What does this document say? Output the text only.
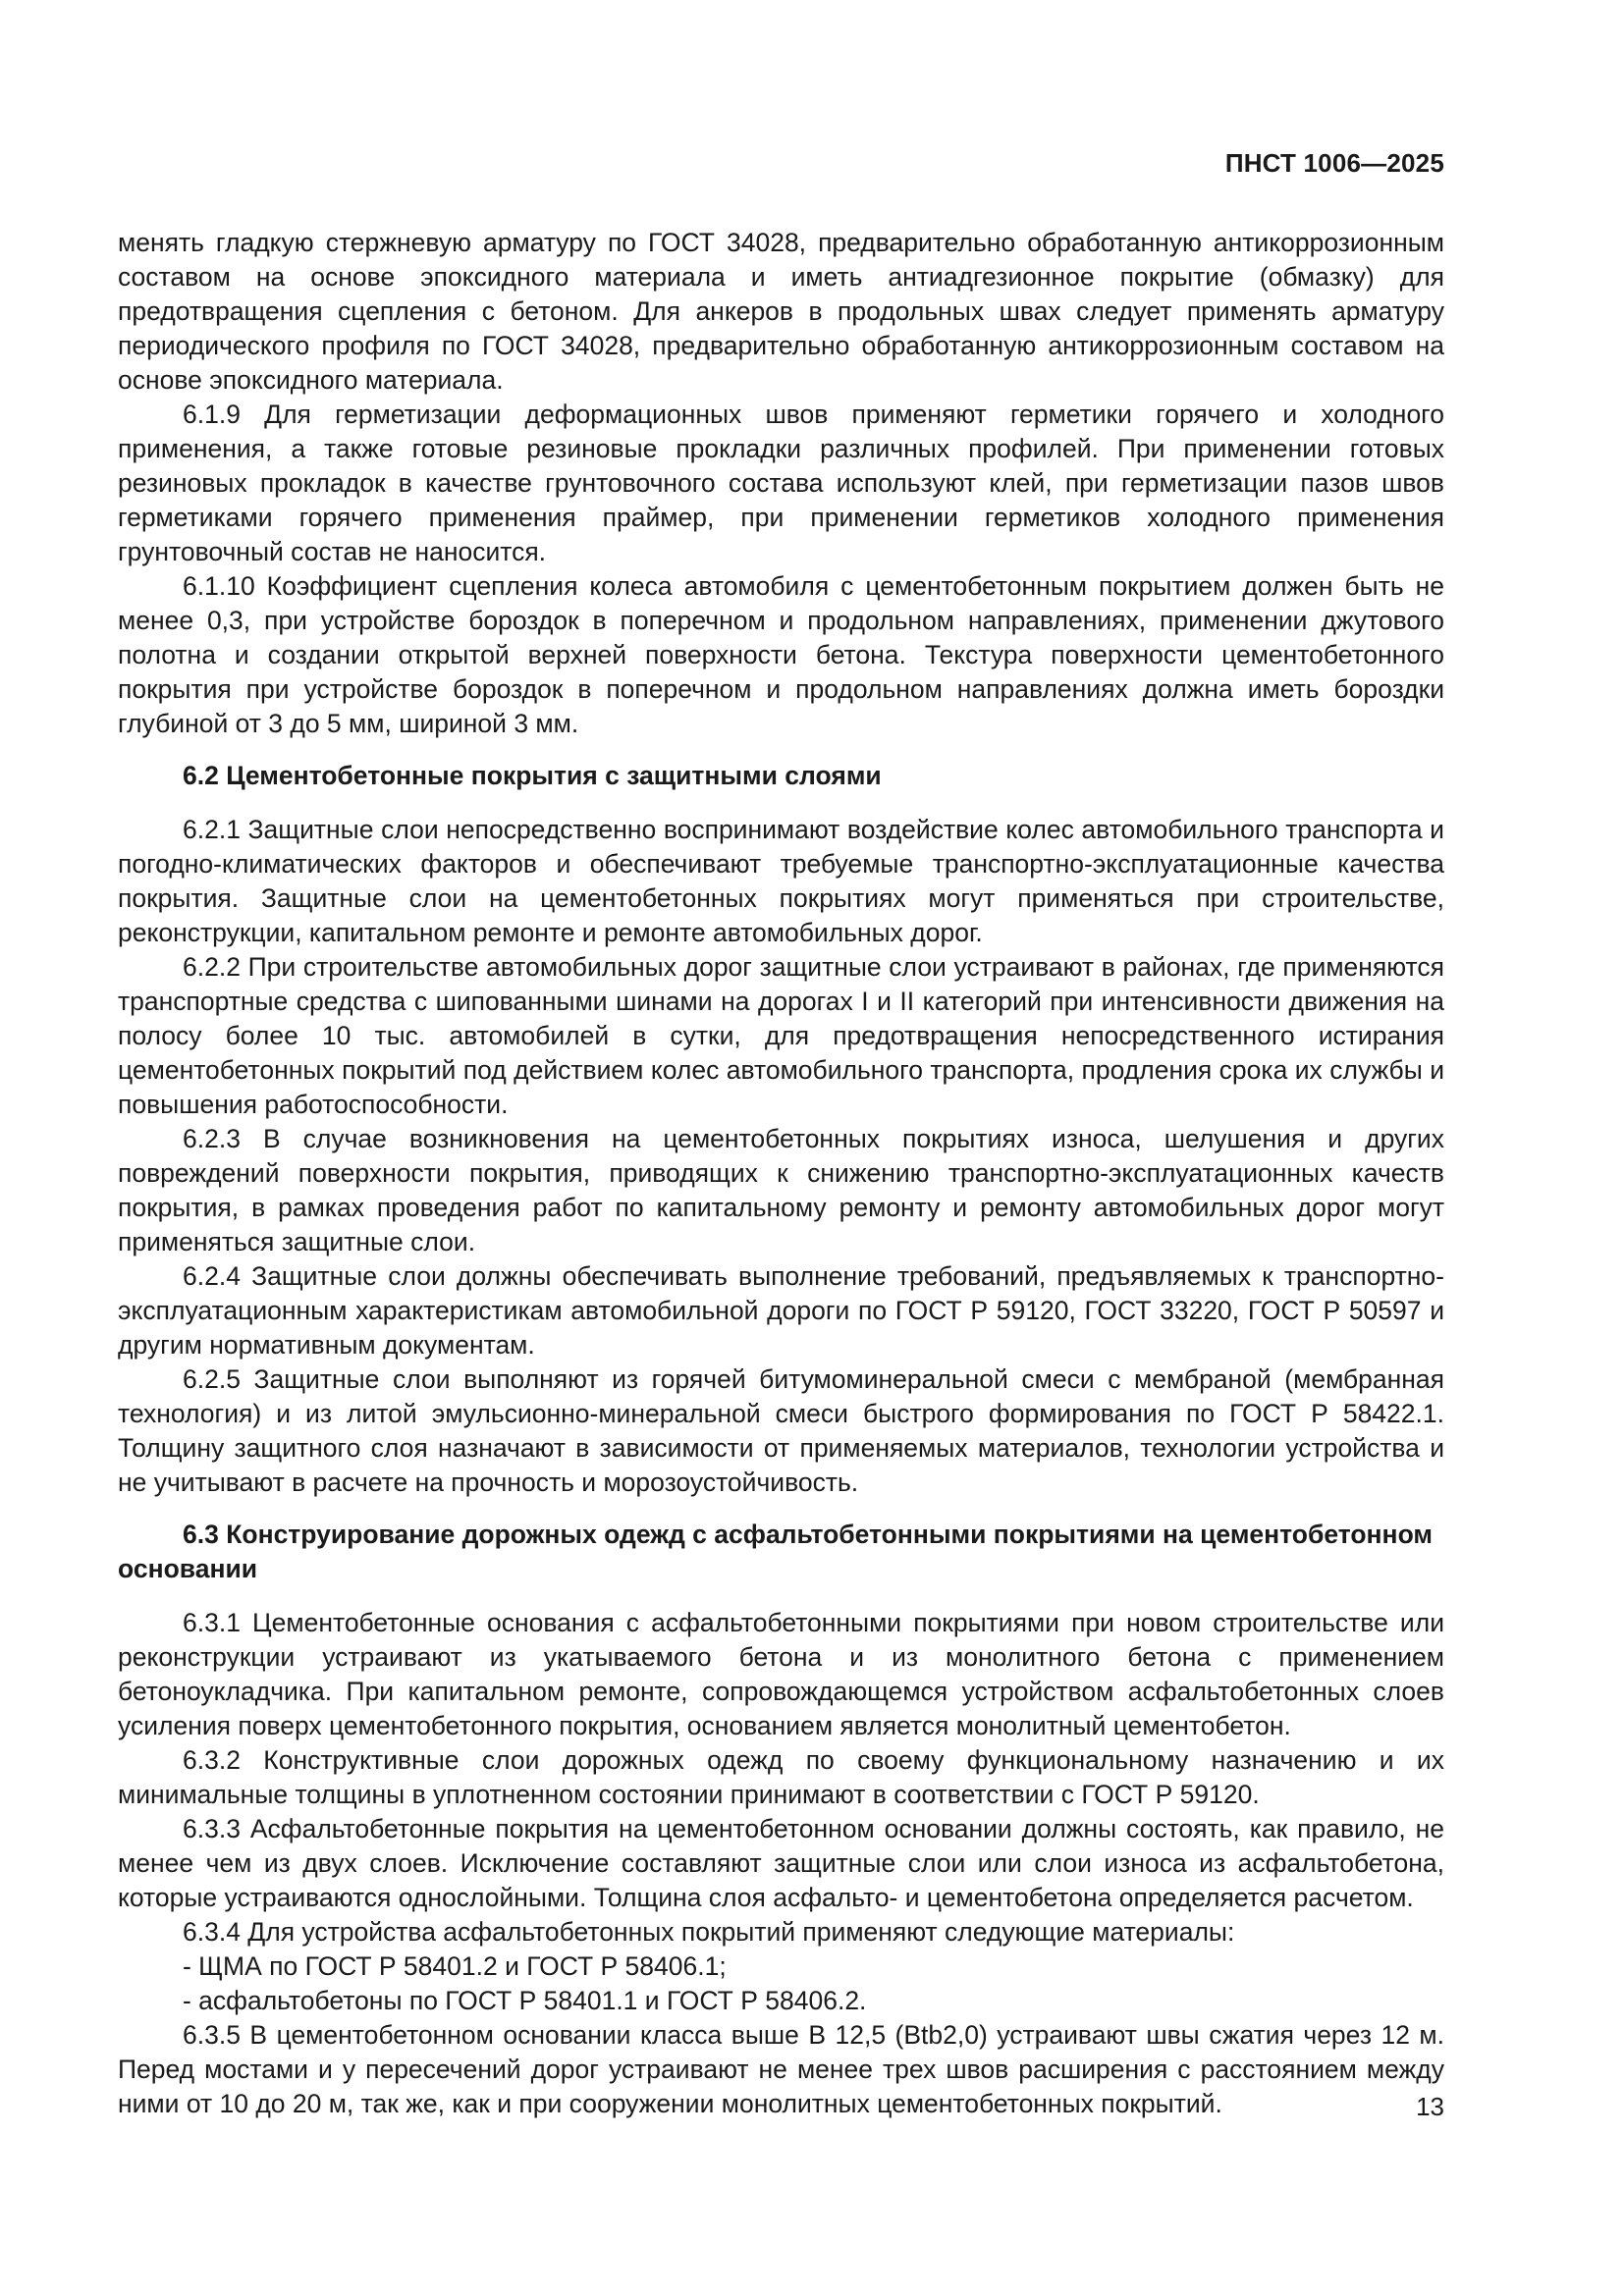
ПНСТ 1006—2025

менять гладкую стержневую арматуру по ГОСТ 34028, предварительно обработанную антикоррозионным составом на основе эпоксидного материала и иметь антиадгезионное покрытие (обмазку) для предотвращения сцепления с бетоном. Для анкеров в продольных швах следует применять арматуру периодического профиля по ГОСТ 34028, предварительно обработанную антикоррозионным составом на основе эпоксидного материала.

6.1.9 Для герметизации деформационных швов применяют герметики горячего и холодного применения, а также готовые резиновые прокладки различных профилей. При применении готовых резиновых прокладок в качестве грунтовочного состава используют клей, при герметизации пазов швов герметиками горячего применения праймер, при применении герметиков холодного применения грунтовочный состав не наносится.

6.1.10 Коэффициент сцепления колеса автомобиля с цементобетонным покрытием должен быть не менее 0,3, при устройстве бороздок в поперечном и продольном направлениях, применении джутового полотна и создании открытой верхней поверхности бетона. Текстура поверхности цементобетонного покрытия при устройстве бороздок в поперечном и продольном направлениях должна иметь бороздки глубиной от 3 до 5 мм, шириной 3 мм.

6.2 Цементобетонные покрытия с защитными слоями

6.2.1 Защитные слои непосредственно воспринимают воздействие колес автомобильного транспорта и погодно-климатических факторов и обеспечивают требуемые транспортно-эксплуатационные качества покрытия. Защитные слои на цементобетонных покрытиях могут применяться при строительстве, реконструкции, капитальном ремонте и ремонте автомобильных дорог.

6.2.2 При строительстве автомобильных дорог защитные слои устраивают в районах, где применяются транспортные средства с шипованными шинами на дорогах I и II категорий при интенсивности движения на полосу более 10 тыс. автомобилей в сутки, для предотвращения непосредственного истирания цементобетонных покрытий под действием колес автомобильного транспорта, продления срока их службы и повышения работоспособности.

6.2.3 В случае возникновения на цементобетонных покрытиях износа, шелушения и других повреждений поверхности покрытия, приводящих к снижению транспортно-эксплуатационных качеств покрытия, в рамках проведения работ по капитальному ремонту и ремонту автомобильных дорог могут применяться защитные слои.

6.2.4 Защитные слои должны обеспечивать выполнение требований, предъявляемых к транспортно-эксплуатационным характеристикам автомобильной дороги по ГОСТ Р 59120, ГОСТ 33220, ГОСТ Р 50597 и другим нормативным документам.

6.2.5 Защитные слои выполняют из горячей битумоминеральной смеси с мембраной (мембранная технология) и из литой эмульсионно-минеральной смеси быстрого формирования по ГОСТ Р 58422.1. Толщину защитного слоя назначают в зависимости от применяемых материалов, технологии устройства и не учитывают в расчете на прочность и морозоустойчивость.

6.3 Конструирование дорожных одежд с асфальтобетонными покрытиями на цементобетонном основании

6.3.1 Цементобетонные основания с асфальтобетонными покрытиями при новом строительстве или реконструкции устраивают из укатываемого бетона и из монолитного бетона с применением бетоноукладчика. При капитальном ремонте, сопровождающемся устройством асфальтобетонных слоев усиления поверх цементобетонного покрытия, основанием является монолитный цементобетон.

6.3.2 Конструктивные слои дорожных одежд по своему функциональному назначению и их минимальные толщины в уплотненном состоянии принимают в соответствии с ГОСТ Р 59120.

6.3.3 Асфальтобетонные покрытия на цементобетонном основании должны состоять, как правило, не менее чем из двух слоев. Исключение составляют защитные слои или слои износа из асфальтобетона, которые устраиваются однослойными. Толщина слоя асфальто- и цементобетона определяется расчетом.

6.3.4 Для устройства асфальтобетонных покрытий применяют следующие материалы:

- ЩМА по ГОСТ Р 58401.2 и ГОСТ Р 58406.1;

- асфальтобетоны по ГОСТ Р 58401.1 и ГОСТ Р 58406.2.

6.3.5 В цементобетонном основании класса выше В 12,5 (Btb2,0) устраивают швы сжатия через 12 м. Перед мостами и у пересечений дорог устраивают не менее трех швов расширения с расстоянием между ними от 10 до 20 м, так же, как и при сооружении монолитных цементобетонных покрытий.	13
